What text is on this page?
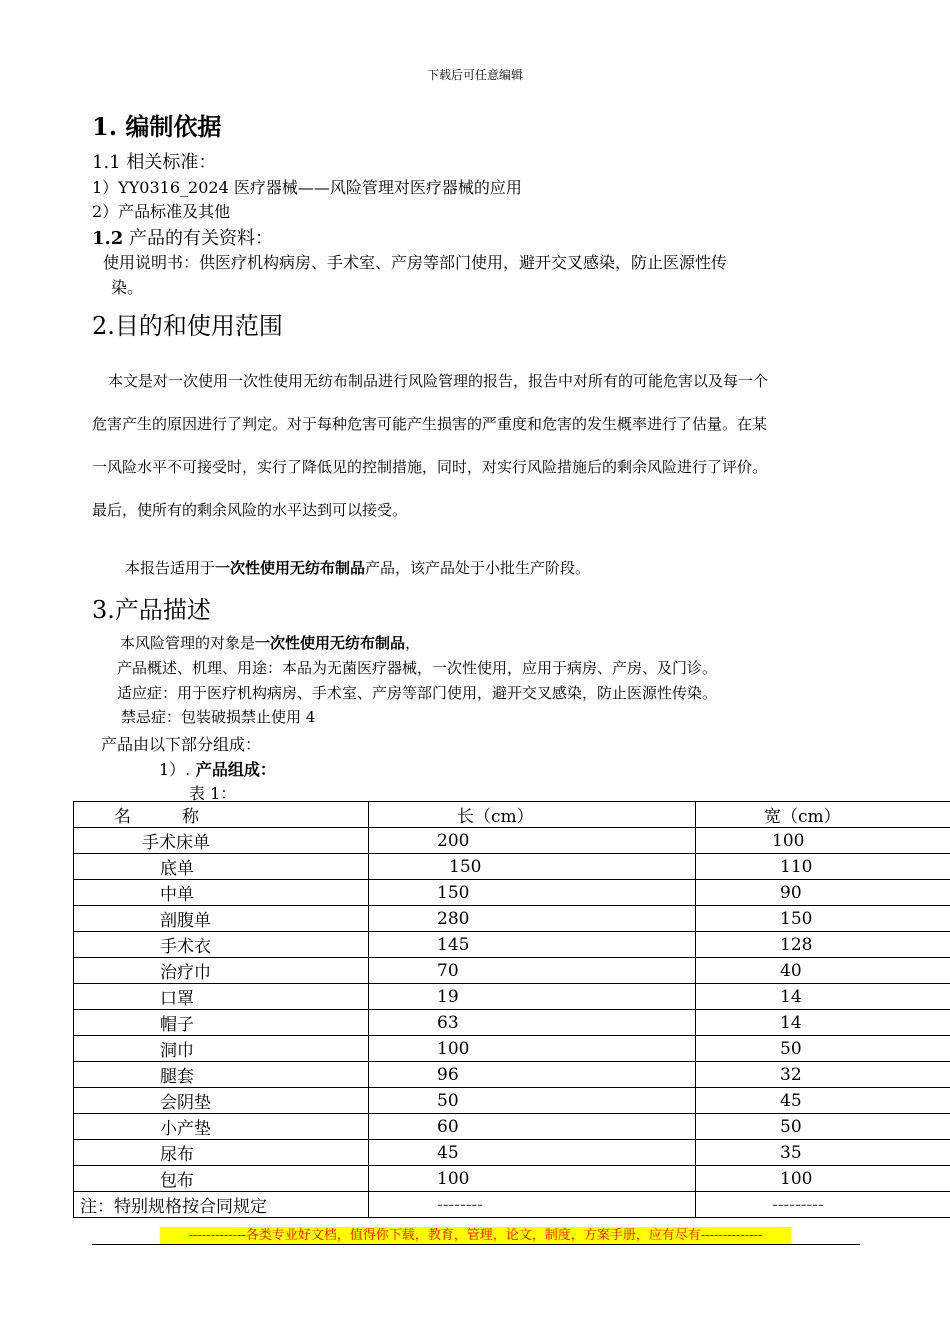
下载后可任意编辑
1. 编制依据
1.1 相关标准：
1）YY0316_2024 医疗器械——风险管理对医疗器械的应用
2）产品标准及其他
1.2 产品的有关资料：
使用说明书：供医疗机构病房、手术室、产房等部门使用，避开交叉感染，防止医源性传
染。
2.目的和使用范围
本文是对一次使用一次性使用无纺布制品进行风险管理的报告，报告中对所有的可能危害以及每一个
危害产生的原因进行了判定。对于每种危害可能产生损害的严重度和危害的发生概率进行了估量。在某
一风险水平不可接受时，实行了降低见的控制措施，同时，对实行风险措施后的剩余风险进行了评价。
最后，使所有的剩余风险的水平达到可以接受。
本报告适用于一次性使用无纺布制品产品，该产品处于小批生产阶段。
3.产品描述
本风险管理的对象是一次性使用无纺布制品，
产品概述、机理、用途：本品为无菌医疗器械，一次性使用，应用于病房、产房、及门诊。
适应症：用于医疗机构病房、手术室、产房等部门使用，避开交叉感染，防止医源性传染。
禁忌症：包装破损禁止使用 4
产品由以下部分组成：
1）. 产品组成：
表 1：
名　　　称	长（cm）	宽（cm）
手术床单	200	100
底单	150	110
中单	150	90
剖腹单	280	150
手术衣	145	128
治疗巾	70	40
口罩	19	14
帽子	63	14
洞巾	100	50
腿套	96	32
会阴垫	50	45
小产垫	60	50
尿布	45	35
包布	100	100
注：特别规格按合同规定	--------	---------
-------------各类专业好文档，值得你下载，教育，管理，论文，制度，方案手册，应有尽有--------------
